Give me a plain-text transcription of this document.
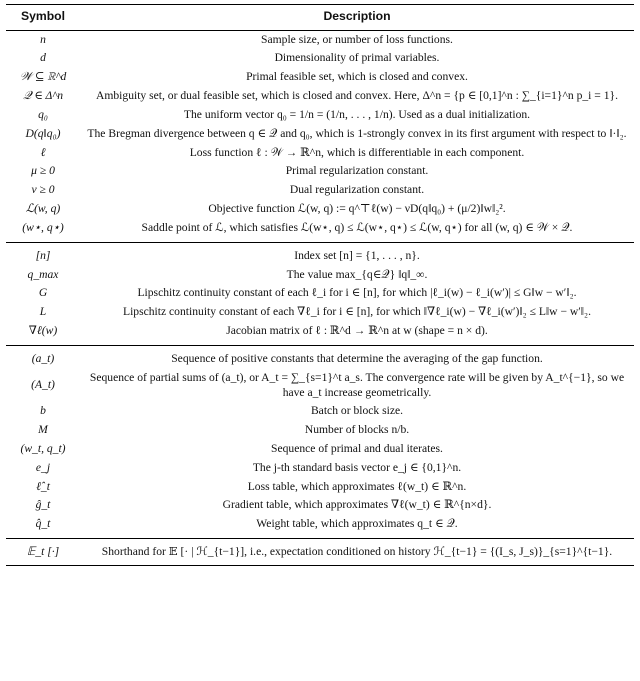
Symbol	Description
n	Sample size, or number of loss functions.
d	Dimensionality of primal variables.
𝒲 ⊆ ℝ^d	Primal feasible set, which is closed and convex.
𝒬 ∈ Δ^n	Ambiguity set, or dual feasible set, which is closed and convex. Here, Δ^n = {p ∈ [0,1]^n : ∑_{i=1}^n p_i = 1}.
q₀	The uniform vector q₀ = 1/n = (1/n, . . . , 1/n). Used as a dual initialization.
D(q‖q₀)	The Bregman divergence between q ∈ 𝒬 and q₀, which is 1-strongly convex in its first argument with respect to ‖·‖₂.
ℓ	Loss function ℓ : 𝒲 → ℝ^n, which is differentiable in each component.
μ ≥ 0	Primal regularization constant.
ν ≥ 0	Dual regularization constant.
ℒ(w, q)	Objective function ℒ(w, q) := q^⊤ℓ(w) − νD(q‖q₀) + (μ/2)‖w‖₂².
(w⋆, q⋆)	Saddle point of ℒ, which satisfies ℒ(w⋆, q) ≤ ℒ(w⋆, q⋆) ≤ ℒ(w, q⋆) for all (w, q) ∈ 𝒲 × 𝒬.
[n]	Index set [n] = {1, . . . , n}.
q_max	The value max_{q∈𝒬} ‖q‖_∞.
G	Lipschitz continuity constant of each ℓ_i for i ∈ [n], for which |ℓ_i(w) − ℓ_i(w′)| ≤ G‖w − w′‖₂.
L	Lipschitz continuity constant of each ∇ℓ_i for i ∈ [n], for which ‖∇ℓ_i(w) − ∇ℓ_i(w′)‖₂ ≤ L‖w − w′‖₂.
∇ℓ(w)	Jacobian matrix of ℓ : ℝ^d → ℝ^n at w (shape = n × d).
(a_t)	Sequence of positive constants that determine the averaging of the gap function.
(A_t)	Sequence of partial sums of (a_t), or A_t = ∑_{s=1}^t a_s. The convergence rate will be given by A_t^{−1}, so we have a_t increase geometrically.
b	Batch or block size.
M	Number of blocks n/b.
(w_t, q_t)	Sequence of primal and dual iterates.
e_j	The j-th standard basis vector e_j ∈ {0,1}^n.
ℓ̂_t	Loss table, which approximates ℓ(w_t) ∈ ℝ^n.
ĝ_t	Gradient table, which approximates ∇ℓ(w_t) ∈ ℝ^{n×d}.
q̂_t	Weight table, which approximates q_t ∈ 𝒬.
𝔼_t [·]	Shorthand for 𝔼 [· | ℋ_{t−1}], i.e., expectation conditioned on history ℋ_{t−1} = {(I_s, J_s)}_{s=1}^{t−1}.
